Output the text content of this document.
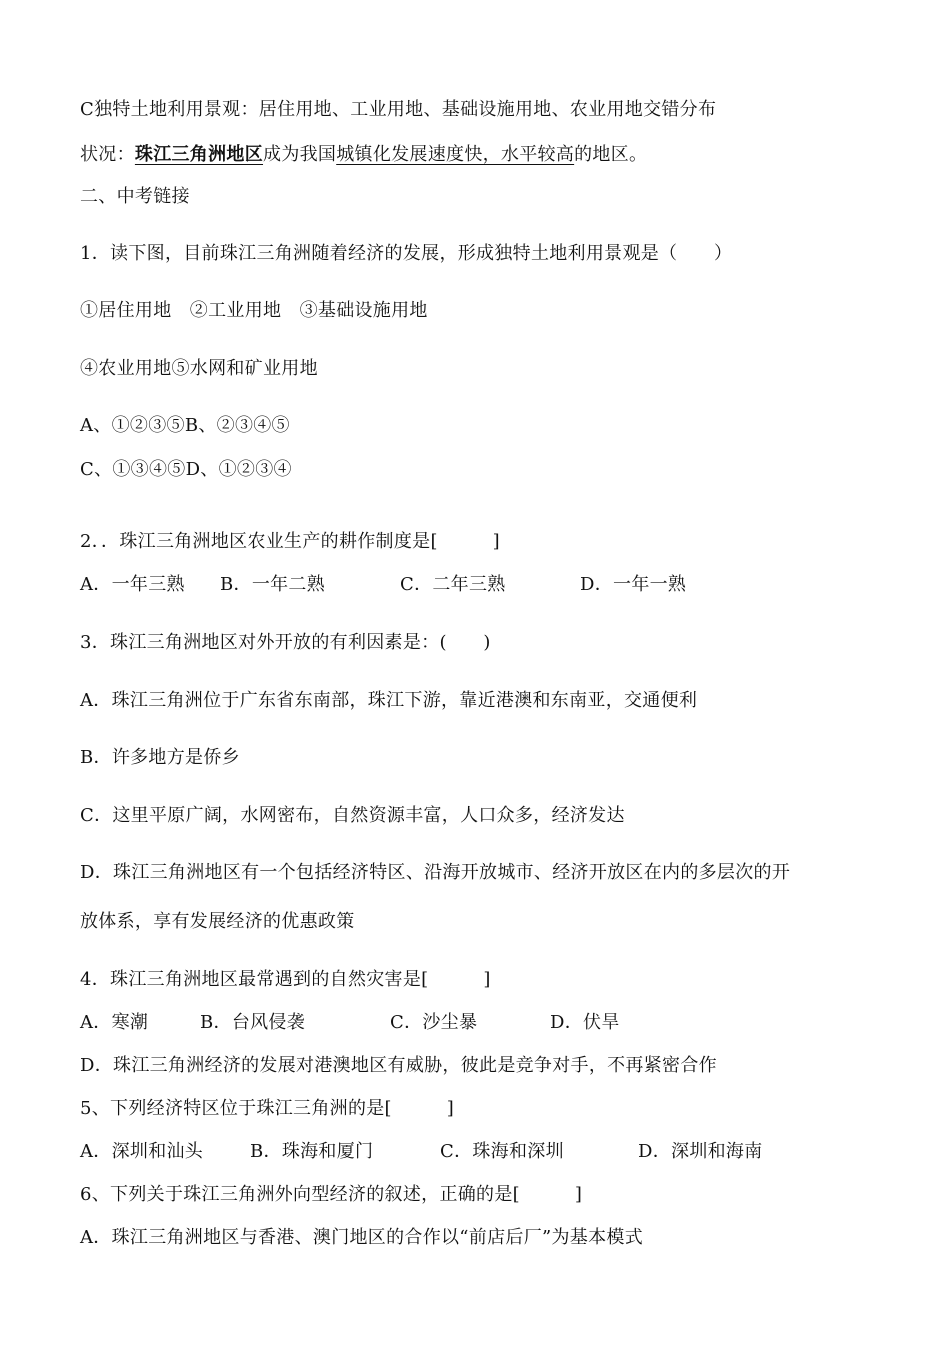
C独特土地利用景观：居住用地、工业用地、基础设施用地、农业用地交错分布
状况：珠江三角洲地区成为我国城镇化发展速度快，水平较高的地区。
二、中考链接
1．读下图，目前珠江三角洲随着经济的发展，形成独特土地利用景观是（　　）
①居住用地　②工业用地　③基础设施用地
④农业用地⑤水网和矿业用地
A、①②③⑤B、②③④⑤
C、①③④⑤D、①②③④
2．．珠江三角洲地区农业生产的耕作制度是[　　　]
A．一年三熟 B．一年二熟	C．二年三熟	D．一年一熟
3．珠江三角洲地区对外开放的有利因素是：(　　)
A．珠江三角洲位于广东省东南部，珠江下游，靠近港澳和东南亚，交通便利
B．许多地方是侨乡
C．这里平原广阔，水网密布，自然资源丰富，人口众多，经济发达
D．珠江三角洲地区有一个包括经济特区、沿海开放城市、经济开放区在内的多层次的开
放体系，享有发展经济的优惠政策
4．珠江三角洲地区最常遇到的自然灾害是[　　　]
A．寒潮	B．台风侵袭	C．沙尘暴	D．伏旱
D．珠江三角洲经济的发展对港澳地区有威胁，彼此是竞争对手，不再紧密合作
5、下列经济特区位于珠江三角洲的是[　　　]
A．深圳和汕头	B．珠海和厦门	C．珠海和深圳	D．深圳和海南
6、下列关于珠江三角洲外向型经济的叙述，正确的是[　　　]
A．珠江三角洲地区与香港、澳门地区的合作以“前店后厂”为基本模式
